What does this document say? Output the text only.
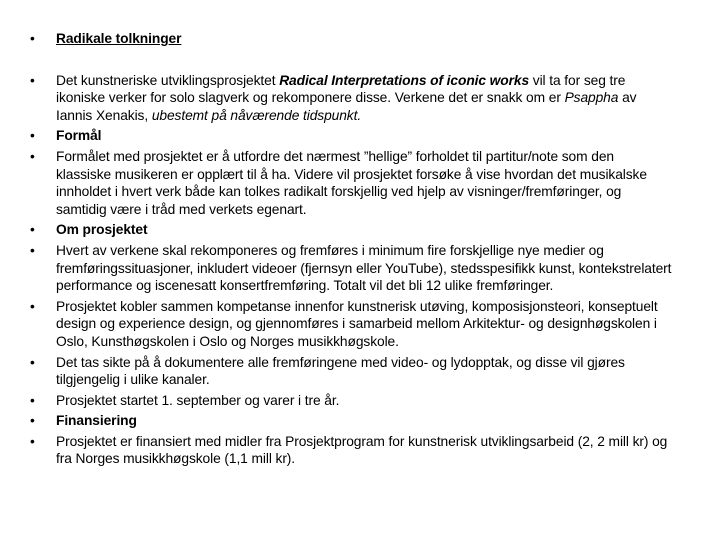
•	Radikale tolkninger
•	Det kunstneriske utviklingsprosjektet Radical Interpretations of iconic works vil ta for seg tre ikoniske verker for solo slagverk og rekomponere disse. Verkene det er snakk om er Psappha av Iannis Xenakis, ubestemt på nåværende tidspunkt.
•	Formål
•	Formålet med prosjektet er å utfordre det nærmest ”hellige” forholdet til partitur/note som den klassiske musikeren er opplært til å ha. Videre vil prosjektet forsøke å vise hvordan det musikalske innholdet i hvert verk både kan tolkes radikalt forskjellig ved hjelp av visninger/fremføringer, og samtidig være i tråd med verkets egenart.
•	Om prosjektet
•	Hvert av verkene skal rekomponeres og fremføres i minimum fire forskjellige nye medier og fremføringssituasjoner, inkludert videoer (fjernsyn eller YouTube), stedsspesifikk kunst, kontekstrelatert performance og iscenesatt konsertfremføring. Totalt vil det bli 12 ulike fremføringer.
•	Prosjektet kobler sammen kompetanse innenfor kunstnerisk utøving, komposisjonsteori, konseptuelt design og experience design, og gjennomføres i samarbeid mellom Arkitektur- og designhøgskolen i Oslo, Kunsthøgskolen i Oslo og Norges musikkhøgskole.
•	Det tas sikte på å dokumentere alle fremføringene med video- og lydopptak, og disse vil gjøres tilgjengelig i ulike kanaler.
•	Prosjektet startet 1. september og varer i tre år.
•	Finansiering
•	Prosjektet er finansiert med midler fra Prosjektprogram for kunstnerisk utviklingsarbeid (2, 2 mill kr) og fra Norges musikkhøgskole (1,1 mill kr).
